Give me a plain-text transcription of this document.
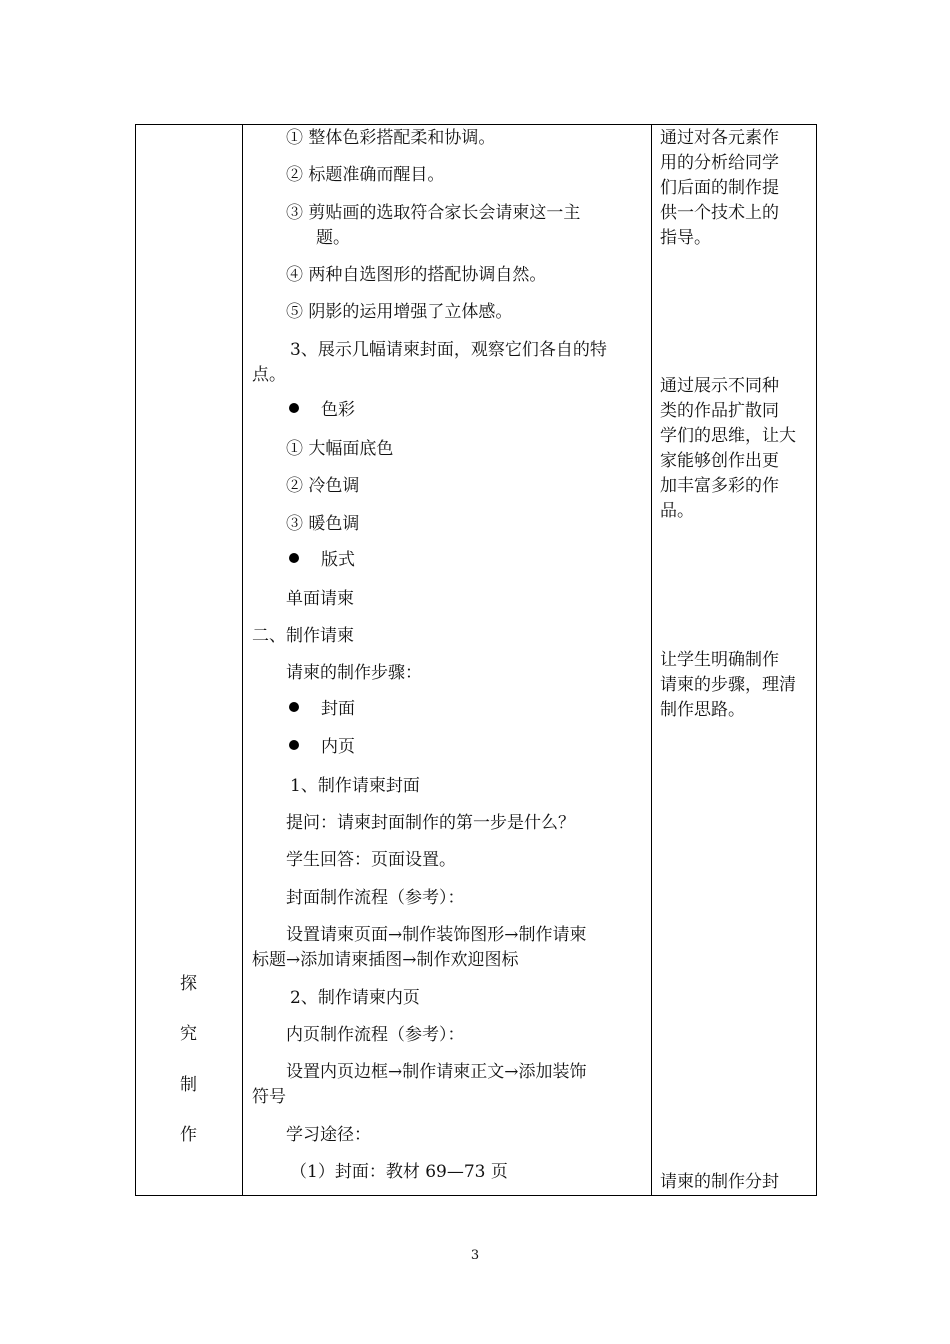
探
究
制
作
① 整体色彩搭配柔和协调。
② 标题准确而醒目。
③ 剪贴画的选取符合家长会请柬这一主
题。
④ 两种自选图形的搭配协调自然。
⑤ 阴影的运用增强了立体感。
3、展示几幅请柬封面，观察它们各自的特
点。
色彩
① 大幅面底色
② 冷色调
③ 暖色调
版式
单面请柬
二、制作请柬
请柬的制作步骤：
封面
内页
1、制作请柬封面
提问：请柬封面制作的第一步是什么？
学生回答：页面设置。
封面制作流程（参考）：
设置请柬页面→制作装饰图形→制作请柬
标题→添加请柬插图→制作欢迎图标
2、制作请柬内页
内页制作流程（参考）：
设置内页边框→制作请柬正文→添加装饰
符号
学习途径：
（1）封面：教材 69—73 页
通过对各元素作
用的分析给同学
们后面的制作提
供一个技术上的
指导。
通过展示不同种
类的作品扩散同
学们的思维，让大
家能够创作出更
加丰富多彩的作
品。
让学生明确制作
请柬的步骤，理清
制作思路。
请柬的制作分封
3
